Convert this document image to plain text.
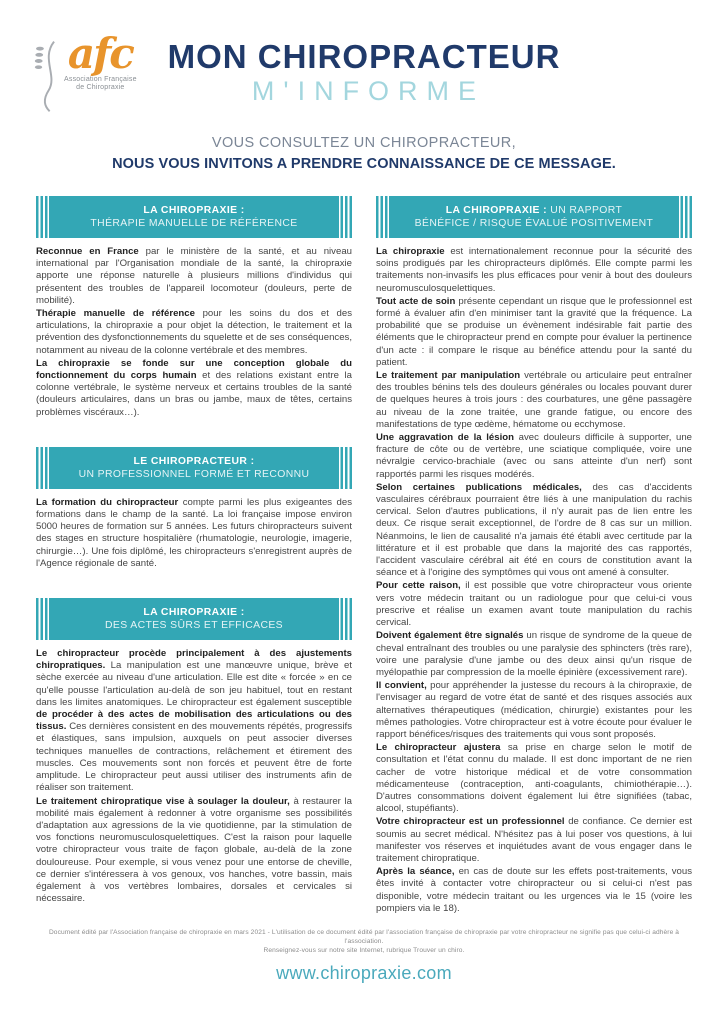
afc
Association Française
de Chiropraxie
MON CHIROPRACTEUR
M'INFORME
VOUS CONSULTEZ UN CHIROPRACTEUR,
NOUS VOUS INVITONS A PRENDRE CONNAISSANCE DE CE MESSAGE.
LA CHIROPRAXIE :
THÉRAPIE MANUELLE DE RÉFÉRENCE

Reconnue en France par le ministère de la santé, et au niveau international par l'Organisation mondiale de la santé, la chiropraxie apporte une réponse naturelle à plusieurs millions d'individus qui présentent des troubles de l'appareil locomoteur (douleurs, perte de mobilité).

Thérapie manuelle de référence pour les soins du dos et des articulations, la chiropraxie a pour objet la détection, le traitement et la prévention des dysfonctionnements du squelette et de ses conséquences, notamment au niveau de la colonne vertébrale et des membres.

La chiropraxie se fonde sur une conception globale du fonctionnement du corps humain et des relations existant entre la colonne vertébrale, le système nerveux et certains troubles de la santé (douleurs articulaires, dans un bras ou jambe, maux de têtes, certains problèmes viscéraux…).

LE CHIROPRACTEUR :
UN PROFESSIONNEL FORMÉ ET RECONNU

La formation du chiropracteur compte parmi les plus exigeantes des formations dans le champ de la santé. La loi française impose environ 5000 heures de formation sur 5 années. Les futurs chiropracteurs suivent des stages en structure hospitalière (rhumatologie, neurologie, imagerie, chirurgie…). Une fois diplômé, les chiropracteurs s'enregistrent auprès de l'Agence régionale de santé.

LA CHIROPRAXIE :
DES ACTES SÛRS ET EFFICACES

Le chiropracteur procède principalement à des ajustements chiropratiques. La manipulation est une manœuvre unique, brève et sèche exercée au niveau d'une articulation. Elle est dite « forcée » en ce qu'elle pousse l'articulation au-delà de son jeu habituel, tout en restant dans les limites anatomiques. Le chiropracteur est également susceptible de procéder à des actes de mobilisation des articulations ou des tissus. Ces dernières consistent en des mouvements répétés, progressifs et élastiques, sans impulsion, auxquels on peut associer diverses techniques manuelles de contractions, relâchement et étirement des muscles. Ces mouvements sont non forcés et peuvent être de forte amplitude. Le chiropracteur peut aussi utiliser des instruments afin de réaliser son traitement.

Le traitement chiropratique vise à soulager la douleur, à restaurer la mobilité mais également à redonner à votre organisme ses possibilités d'adaptation aux agressions de la vie quotidienne, par la stimulation de vos fonctions neuromusculosquelettiques. C'est la raison pour laquelle votre chiropracteur vous traite de façon globale, au-delà de la zone douloureuse. Pour exemple, si vous venez pour une entorse de cheville, ce dernier s'intéressera à vos genoux, vos hanches, votre bassin, mais également à vos vertèbres lombaires, dorsales et cervicales si nécessaire.

LA CHIROPRAXIE : UN RAPPORT
BÉNÉFICE / RISQUE ÉVALUÉ POSITIVEMENT

La chiropraxie est internationalement reconnue pour la sécurité des soins prodigués par les chiropracteurs diplômés. Elle compte parmi les traitements non-invasifs les plus efficaces pour venir à bout des douleurs neuromusculosquelettiques.

Tout acte de soin présente cependant un risque que le professionnel est formé à évaluer afin d'en minimiser tant la gravité que la fréquence. La probabilité que se produise un évènement indésirable fait partie des éléments que le chiropracteur prend en compte pour évaluer la pertinence d'un acte : il compare le risque au bénéfice attendu pour la santé du patient.

Le traitement par manipulation vertébrale ou articulaire peut entraîner des troubles bénins tels des douleurs générales ou locales pouvant durer de quelques heures à trois jours : des courbatures, une gêne passagère au niveau de la zone traitée, une grande fatigue, ou encore des manifestations de type œdème, hématome ou ecchymose.

Une aggravation de la lésion avec douleurs difficile à supporter, une fracture de côte ou de vertèbre, une sciatique compliquée, voire une névralgie cervico-brachiale (avec ou sans atteinte d'un nerf) sont rapportés parmi les risques modérés.

Selon certaines publications médicales, des cas d'accidents vasculaires cérébraux pourraient être liés à une manipulation du rachis cervical. Selon d'autres publications, il n'y aurait pas de lien entre les deux. Ce risque serait exceptionnel, de l'ordre de 8 cas sur un million. Néanmoins, le lien de causalité n'a jamais été établi avec certitude par la littérature et il est probable que dans la majorité des cas rapportés, l'accident vasculaire cérébral ait été en cours de constitution avant la séance et à l'origine des symptômes qui vous ont amené à consulter.

Pour cette raison, il est possible que votre chiropracteur vous oriente vers votre médecin traitant ou un radiologue pour que celui-ci vous prescrive et réalise un examen avant toute manipulation du rachis cervical.

Doivent également être signalés un risque de syndrome de la queue de cheval entraînant des troubles ou une paralysie des sphincters (très rare), voire une paralysie d'une jambe ou des deux ainsi qu'un risque de myélopathie par compression de la moelle épinière (excessivement rare).

Il convient, pour appréhender la justesse du recours à la chiropraxie, de l'envisager au regard de votre état de santé et des risques associés aux alternatives thérapeutiques (médication, chirurgie) existantes pour les mêmes pathologies. Votre chiropracteur est à votre écoute pour évaluer le rapport bénéfices/risques des traitements qui vous sont proposés.

Le chiropracteur ajustera sa prise en charge selon le motif de consultation et l'état connu du malade. Il est donc important de ne rien cacher de votre historique médical et de votre consommation médicamenteuse (contraception, anti-coagulants, chimiothérapie…). D'autres consommations doivent également lui être signifiées (tabac, alcool, stupéfiants).

Votre chiropracteur est un professionnel de confiance. Ce dernier est soumis au secret médical. N'hésitez pas à lui poser vos questions, à lui manifester vos réserves et inquiétudes avant de vous engager dans le traitement chiropratique.

Après la séance, en cas de doute sur les effets post-traitements, vous êtes invité à contacter votre chiropracteur ou si celui-ci n'est pas disponible, votre médecin traitant ou les urgences via le 15 (voire les pompiers via le 18).

Document édité par l'Association française de chiropraxie en mars 2021 - L'utilisation de ce document édité par l'association française de chiropraxie par votre chiropracteur ne signifie pas que celui-ci adhère à l'association.
Renseignez-vous sur notre site Internet, rubrique Trouver un chiro.
www.chiropraxie.com
